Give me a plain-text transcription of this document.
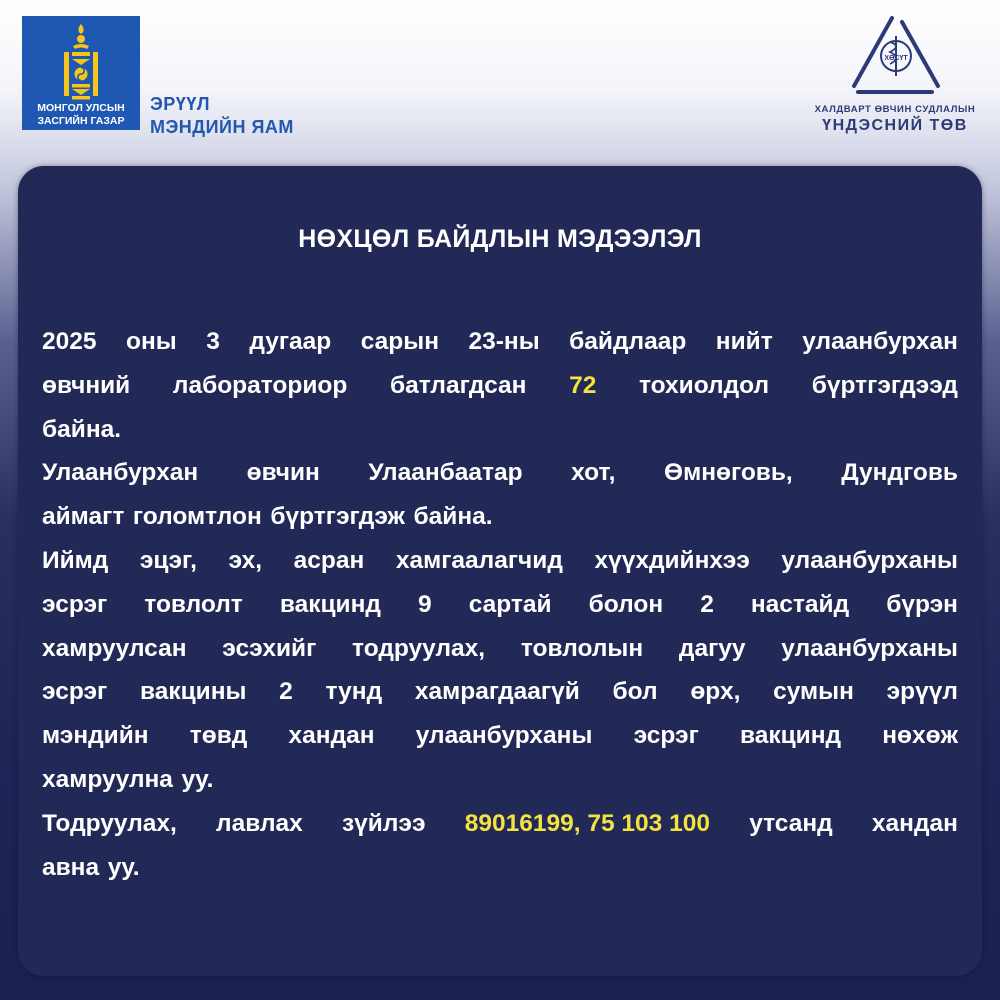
МОНГОЛ УЛСЫН
ЗАСГИЙН ГАЗАР
ЭРҮҮЛ
МЭНДИЙН ЯАМ
ХӨСҮТ
ХАЛДВАРТ ӨВЧИН СУДЛАЛЫН
ҮНДЭСНИЙ ТӨВ
НӨХЦӨЛ БАЙДЛЫН МЭДЭЭЛЭЛ
2025 оны 3 дугаар сарын 23-ны байдлаар нийт улаанбурхан
өвчний лабораториор батлагдсан 72 тохиолдол бүртгэгдээд
байна.
Улаанбурхан өвчин Улаанбаатар хот, Өмнөговь, Дундговь
аймагт голомтлон бүртгэгдэж байна.
Иймд эцэг, эх, асран хамгаалагчид хүүхдийнхээ улаанбурханы
эсрэг товлолт вакцинд 9 сартай болон 2 настайд бүрэн
хамруулсан эсэхийг тодруулах, товлолын дагуу улаанбурханы
эсрэг вакцины 2 тунд хамрагдаагүй бол өрх, сумын эрүүл
мэндийн төвд хандан улаанбурханы эсрэг вакцинд нөхөж
хамруулна уу.
Тодруулах, лавлах зүйлээ 89016199, 75 103 100 утсанд хандан
авна уу.
